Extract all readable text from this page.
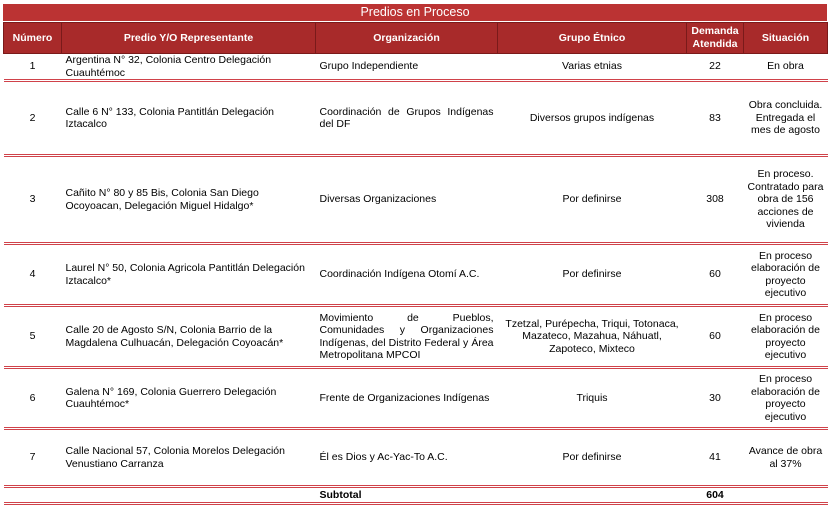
Predios en Proceso
Número	Predio Y/O Representante	Organización	Grupo Étnico	Demanda Atendida	Situación
1	Argentina N° 32, Colonia Centro Delegación Cuauhtémoc	Grupo Independiente	Varias etnias	22	En obra
2	Calle 6 N° 133, Colonia Pantitlán Delegación Iztacalco	Coordinación de Grupos Indígenas del DF	Diversos grupos indígenas	83	Obra concluida. Entregada el mes de agosto
3	Cañito N° 80 y 85 Bis, Colonia San Diego Ocoyoacan, Delegación Miguel Hidalgo*	Diversas Organizaciones	Por definirse	308	En proceso. Contratado para obra de 156 acciones de vivienda
4	Laurel N° 50, Colonia Agricola Pantitlán Delegación Iztacalco*	Coordinación Indígena Otomí A.C.	Por definirse	60	En proceso elaboración de proyecto ejecutivo
5	Calle 20 de Agosto S/N, Colonia Barrio de la Magdalena Culhuacán, Delegación Coyoacán*	Movimiento de Pueblos, Comunidades y Organizaciones Indígenas, del Distrito Federal y Área Metropolitana MPCOI	Tzetzal, Purépecha, Triqui, Totonaca, Mazateco, Mazahua, Náhuatl, Zapoteco, Mixteco	60	En proceso elaboración de proyecto ejecutivo
6	Galena N° 169, Colonia Guerrero Delegación Cuauhtémoc*	Frente de Organizaciones Indígenas	Triquis	30	En proceso elaboración de proyecto ejecutivo
7	Calle Nacional 57, Colonia Morelos Delegación Venustiano Carranza	Él es Dios y Ac-Yac-To A.C.	Por definirse	41	Avance de obra al 37%
		Subtotal		604	
